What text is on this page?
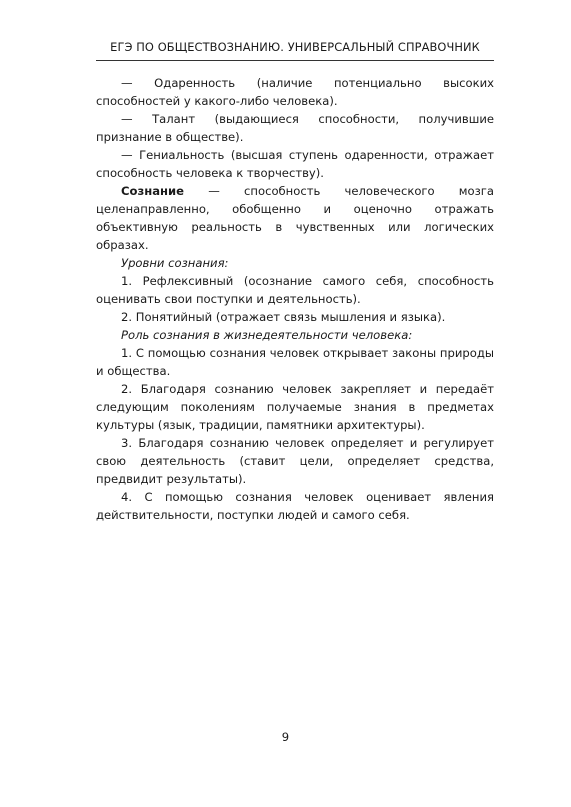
ЕГЭ ПО ОБЩЕСТВОЗНАНИЮ. УНИВЕРСАЛЬНЫЙ СПРАВОЧНИК

— Одаренность (наличие потенциально высоких способностей у какого-либо человека).

— Талант (выдающиеся способности, получившие признание в обществе).

— Гениальность (высшая ступень одаренности, отражает способность человека к творчеству).

Сознание — способность человеческого мозга целенаправленно, обобщенно и оценочно отражать объективную реальность в чувственных или логических образах.

Уровни сознания:

1. Рефлексивный (осознание самого себя, способность оценивать свои поступки и деятельность).

2. Понятийный (отражает связь мышления и языка).

Роль сознания в жизнедеятельности человека:

1. С помощью сознания человек открывает законы природы и общества.

2. Благодаря сознанию человек закрепляет и передаёт следующим поколениям получаемые знания в предметах культуры (язык, традиции, памятники архитектуры).

3. Благодаря сознанию человек определяет и регулирует свою деятельность (ставит цели, определяет средства, предвидит результаты).

4. С помощью сознания человек оценивает явления действительности, поступки людей и самого себя.

9
